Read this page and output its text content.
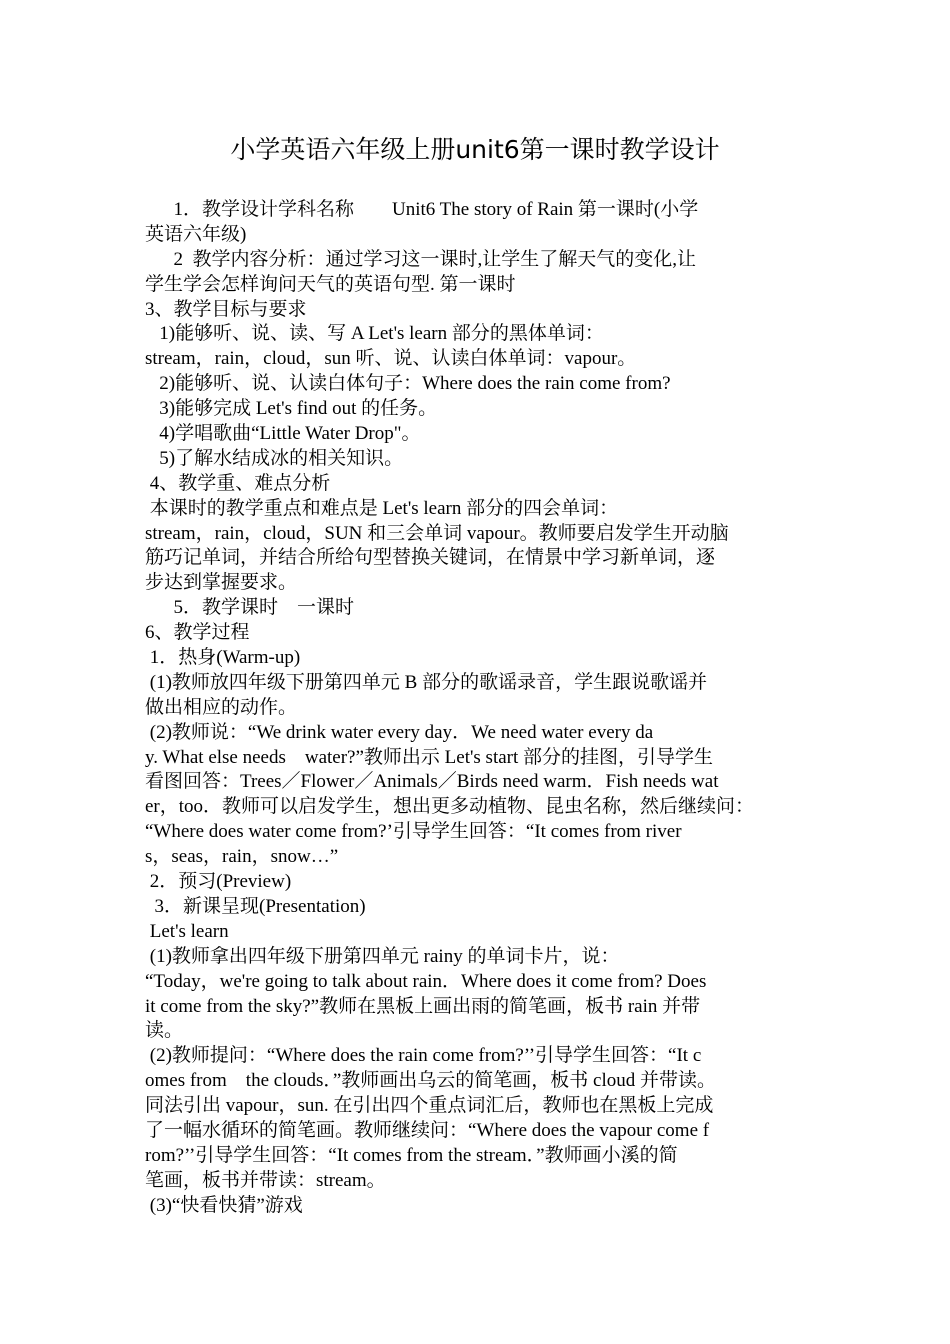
小学英语六年级上册unit6第一课时教学设计
1．教学设计学科名称        Unit6 The story of Rain 第一课时(小学
英语六年级)
2  教学内容分析：通过学习这一课时,让学生了解天气的变化,让
学生学会怎样询问天气的英语句型. 第一课时
3、教学目标与要求
1)能够听、说、读、写 A Let's learn 部分的黑体单词：
stream，rain，cloud，sun 听、说、认读白体单词：vapour。
2)能够听、说、认读白体句子：Where does the rain come from?
3)能够完成 Let's find out 的任务。
4)学唱歌曲“Little Water Drop"。
5)了解水结成冰的相关知识。
4、教学重、难点分析
本课时的教学重点和难点是 Let's learn 部分的四会单词：
stream，rain，cloud，SUN 和三会单词 vapour。教师要启发学生开动脑
筋巧记单词，并结合所给句型替换关键词，在情景中学习新单词，逐
步达到掌握要求。
5．教学课时    一课时
6、教学过程
1．热身(Warm-up)
(1)教师放四年级下册第四单元 B 部分的歌谣录音，学生跟说歌谣并
做出相应的动作。
(2)教师说：“We drink water every day．We need water every da
y. What else needs    water?”教师出示 Let's start 部分的挂图，引导学生
看图回答：Trees／Flower／Animals／Birds need warm．Fish needs wat
er，too．教师可以启发学生，想出更多动植物、昆虫名称，然后继续问：
“Where does water come from?’引导学生回答：“It comes from river
s，seas，rain，snow…”
2．预习(Preview)
3．新课呈现(Presentation)
Let's learn
(1)教师拿出四年级下册第四单元 rainy 的单词卡片，说：
“Today，we're going to talk about rain．Where does it come from? Does
it come from the sky?”教师在黑板上画出雨的简笔画，板书 rain 并带
读。
(2)教师提问：“Where does the rain come from?’’引导学生回答：“It c
omes from    the clouds．”教师画出乌云的简笔画，板书 cloud 并带读。
同法引出 vapour，sun. 在引出四个重点词汇后，教师也在黑板上完成
了一幅水循环的简笔画。教师继续问：“Where does the vapour come f
rom?’’引导学生回答：“It comes from the stream．”教师画小溪的简
笔画，板书并带读：stream。
(3)“快看快猜”游戏
